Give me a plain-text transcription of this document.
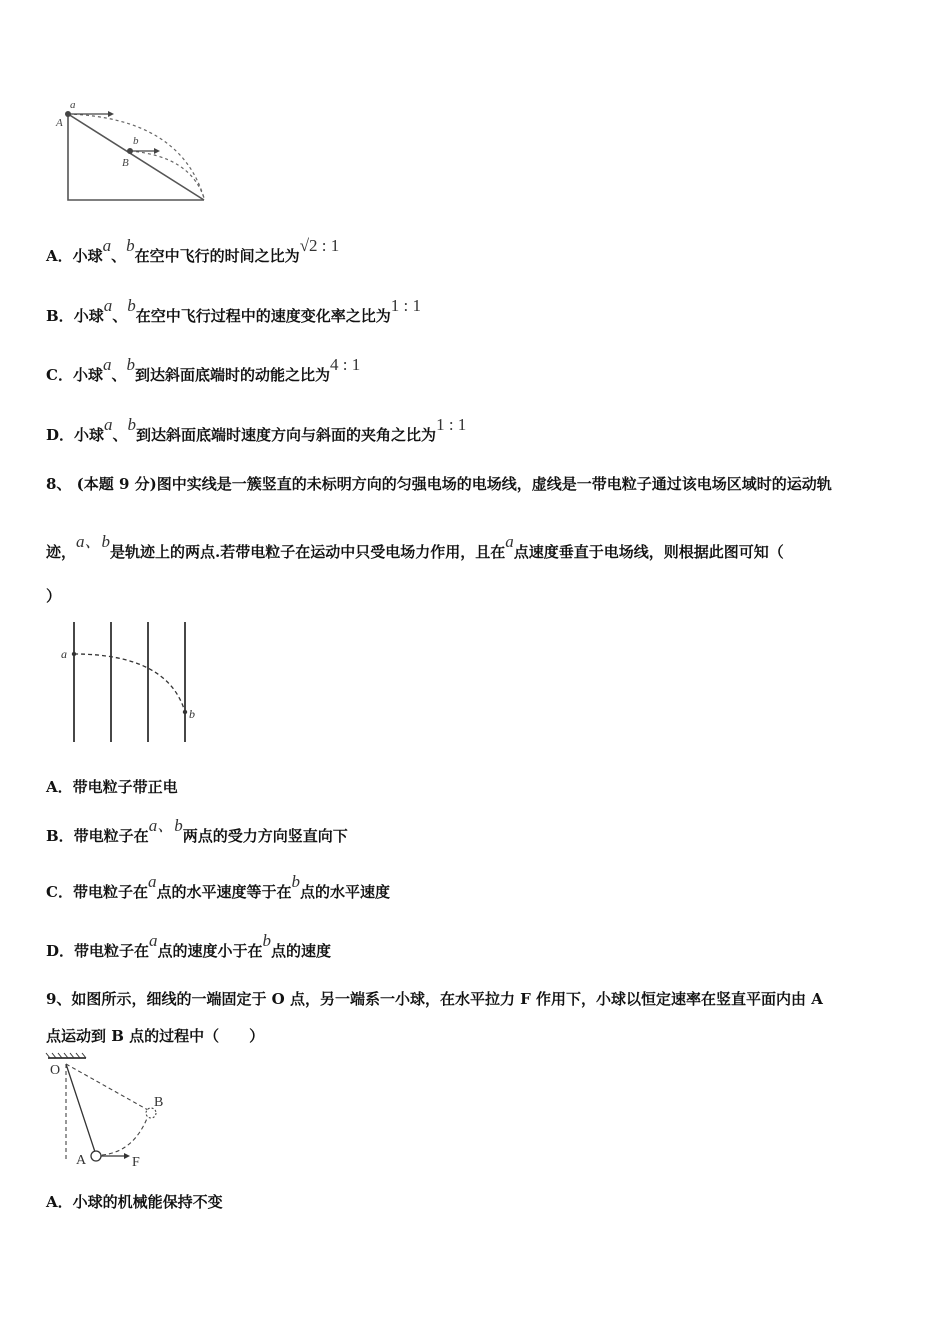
A
a
B
b
A．小球a、b在空中飞行的时间之比为√2 : 1
B．小球a、b在空中飞行过程中的速度变化率之比为1 : 1
C．小球a、b到达斜面底端时的动能之比为4 : 1
D．小球a、b到达斜面底端时速度方向与斜面的夹角之比为1 : 1
8、 (本题 9 分)图中实线是一簇竖直的未标明方向的匀强电场的电场线，虚线是一带电粒子通过该电场区域时的运动轨
迹，a、b是轨迹上的两点.若带电粒子在运动中只受电场力作用，且在a点速度垂直于电场线，则根据此图可知（
）
a
b
A．带电粒子带正电
B．带电粒子在a、b两点的受力方向竖直向下
C．带电粒子在a点的水平速度等于在b点的水平速度
D．带电粒子在a点的速度小于在b点的速度
9、如图所示，细线的一端固定于 O 点，另一端系一小球，在水平拉力 F 作用下，小球以恒定速率在竖直平面内由 A
点运动到 B 点的过程中（　　）
O
A
B
F
A．小球的机械能保持不变
